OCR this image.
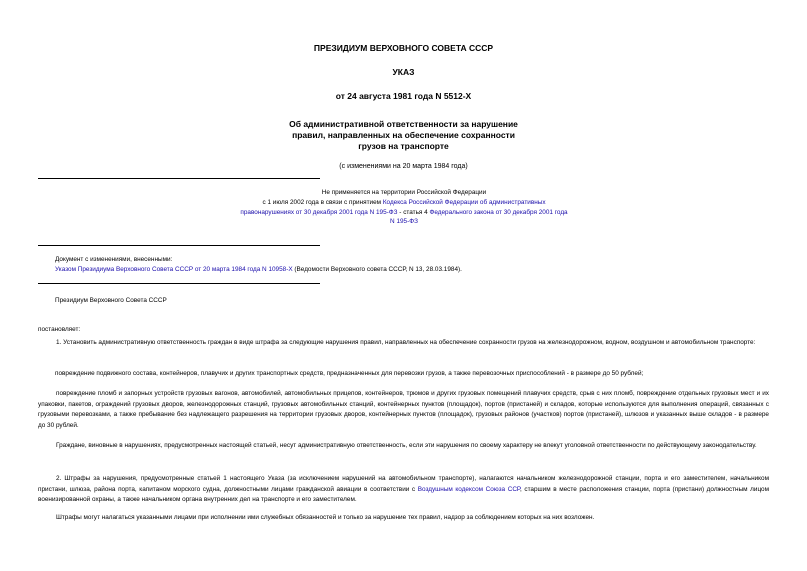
ПРЕЗИДИУМ ВЕРХОВНОГО СОВЕТА СССР
УКАЗ
от 24 августа 1981 года N 5512-X
Об административной ответственности за нарушение
правил, направленных на обеспечение сохранности
грузов на транспорте
(с изменениями на 20 марта 1984 года)
Не применяется на территории Российской Федерации
с 1 июля 2002 года в связи с принятием Кодекса Российской Федерации об административных правонарушениях от 30 декабря 2001 года N 195-ФЗ - статья 4 Федерального закона от 30 декабря 2001 года N 195-ФЗ
Документ с изменениями, внесенными:
Указом Президиума Верховного Совета СССР от 20 марта 1984 года N 10958-X (Ведомости Верховного совета СССР, N 13, 28.03.1984).
Президиум Верховного Совета СССР
постановляет:
1. Установить административную ответственность граждан в виде штрафа за следующие нарушения правил, направленных на обеспечение сохранности грузов на железнодорожном, водном, воздушном и автомобильном транспорте:
повреждение подвижного состава, контейнеров, плавучих и других транспортных средств, предназначенных для перевозки грузов, а также перевозочных приспособлений - в размере до 50 рублей;
повреждение пломб и запорных устройств грузовых вагонов, автомобилей, автомобильных прицепов, контейнеров, трюмов и других грузовых помещений плавучих средств, срыв с них пломб, повреждение отдельных грузовых мест и их упаковки, пакетов, ограждений грузовых дворов, железнодорожных станций, грузовых автомобильных станций, контейнерных пунктов (площадок), портов (пристаней) и складов, которые используются для выполнения операций, связанных с грузовыми перевозками, а также пребывание без надлежащего разрешения на территории грузовых дворов, контейнерных пунктов (площадок), грузовых районов (участков) портов (пристаней), шлюзов и указанных выше складов - в размере до 30 рублей.
Граждане, виновные в нарушениях, предусмотренных настоящей статьей, несут административную ответственность, если эти нарушения по своему характеру не влекут уголовной ответственности по действующему законодательству.
2. Штрафы за нарушения, предусмотренные статьей 1 настоящего Указа (за исключением нарушений на автомобильном транспорте), налагаются начальником железнодорожной станции, порта и его заместителем, начальником пристани, шлюза, района порта, капитаном морского судна, должностными лицами гражданской авиации в соответствии с Воздушным кодексом Союза ССР, старшим в месте расположения станции, порта (пристани) должностным лицом военизированной охраны, а также начальником органа внутренних дел на транспорте и его заместителем.
Штрафы могут налагаться указанными лицами при исполнении ими служебных обязанностей и только за нарушение тех правил, надзор за соблюдением которых на них возложен.
